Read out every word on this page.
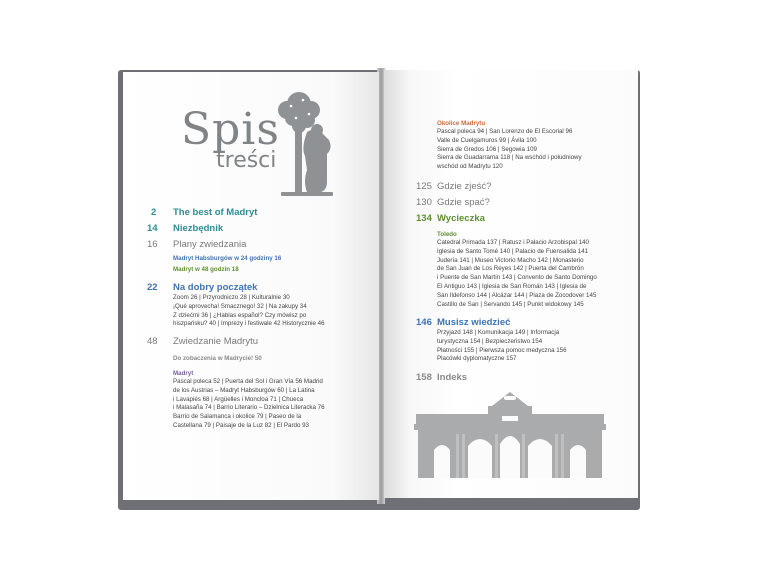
Spis
treści
2 The best of Madryt
14 Niezbędnik
16 Plany zwiedzania
Madryt Habsburgów w 24 godziny 16
Madryt w 48 godzin 18
22 Na dobry początek
Zoom 26 | Przyrodniczo 28 | Kulturalnie 30
¡Qué aprovecha! Smacznego! 32 | Na zakupy 34
Z dziećmi 36 | ¿Hablas español? Czy mówisz po
hiszpańsku? 40 | Imprezy i festiwale 42 Historycznie 46
48 Zwiedzanie Madrytu
Do zobaczenia w Madrycie! 50
Madryt
Pascal poleca 52 | Puerta del Sol i Gran Vía 56 Madrid
de los Austrias – Madryt Habsburgów 60 | La Latina
i Lavapiés 68 | Argüelles i Moncloa 71 | Chueca
i Malasaña 74 | Barrio Literario – Dzielnica Literacka 76
Barrio de Salamanca i okolice 79 | Paseo de la
Castellana 79 | Paisaje de la Luz 82 | El Pardo 93
Okolice Madrytu
Pascal poleca 94 | San Lorenzo de El Escorial 96
Valle de Cuelgamuros 99 | Ávila 100
Sierra de Gredos 106 | Segowia 109
Sierra de Guadarrama 118 | Na wschód i południowy
wschód od Madrytu 120
125 Gdzie zjeść?
130 Gdzie spać?
134 Wycieczka
Toledo
Catedral Primada 137 | Ratusz i Pałacio Arzobispal 140
Iglesia de Santo Tomé 140 | Palacio de Fuensalida 141
Judería 141 | Museo Victorio Macho 142 | Monasterio
de San Juan de Los Reyes 142 | Puerta del Cambrón
i Puente de San Martín 143 | Convento de Santo Domingo
El Antiguo 143 | Iglesia de San Román 143 | Iglesia de
San Ildefonso 144 | Alcázar 144 | Plaza de Zocodover 145
Castillo de San | Servando 145 | Punkt widokowy 145
146 Musisz wiedzieć
Przyjazd 148 | Komunikacja 149 | Informacja
turystyczna 154 | Bezpieczeństwo 154
Płatności 155 | Pierwsza pomoc medyczna 156
Placówki dyplomatyczne 157
158 Indeks
